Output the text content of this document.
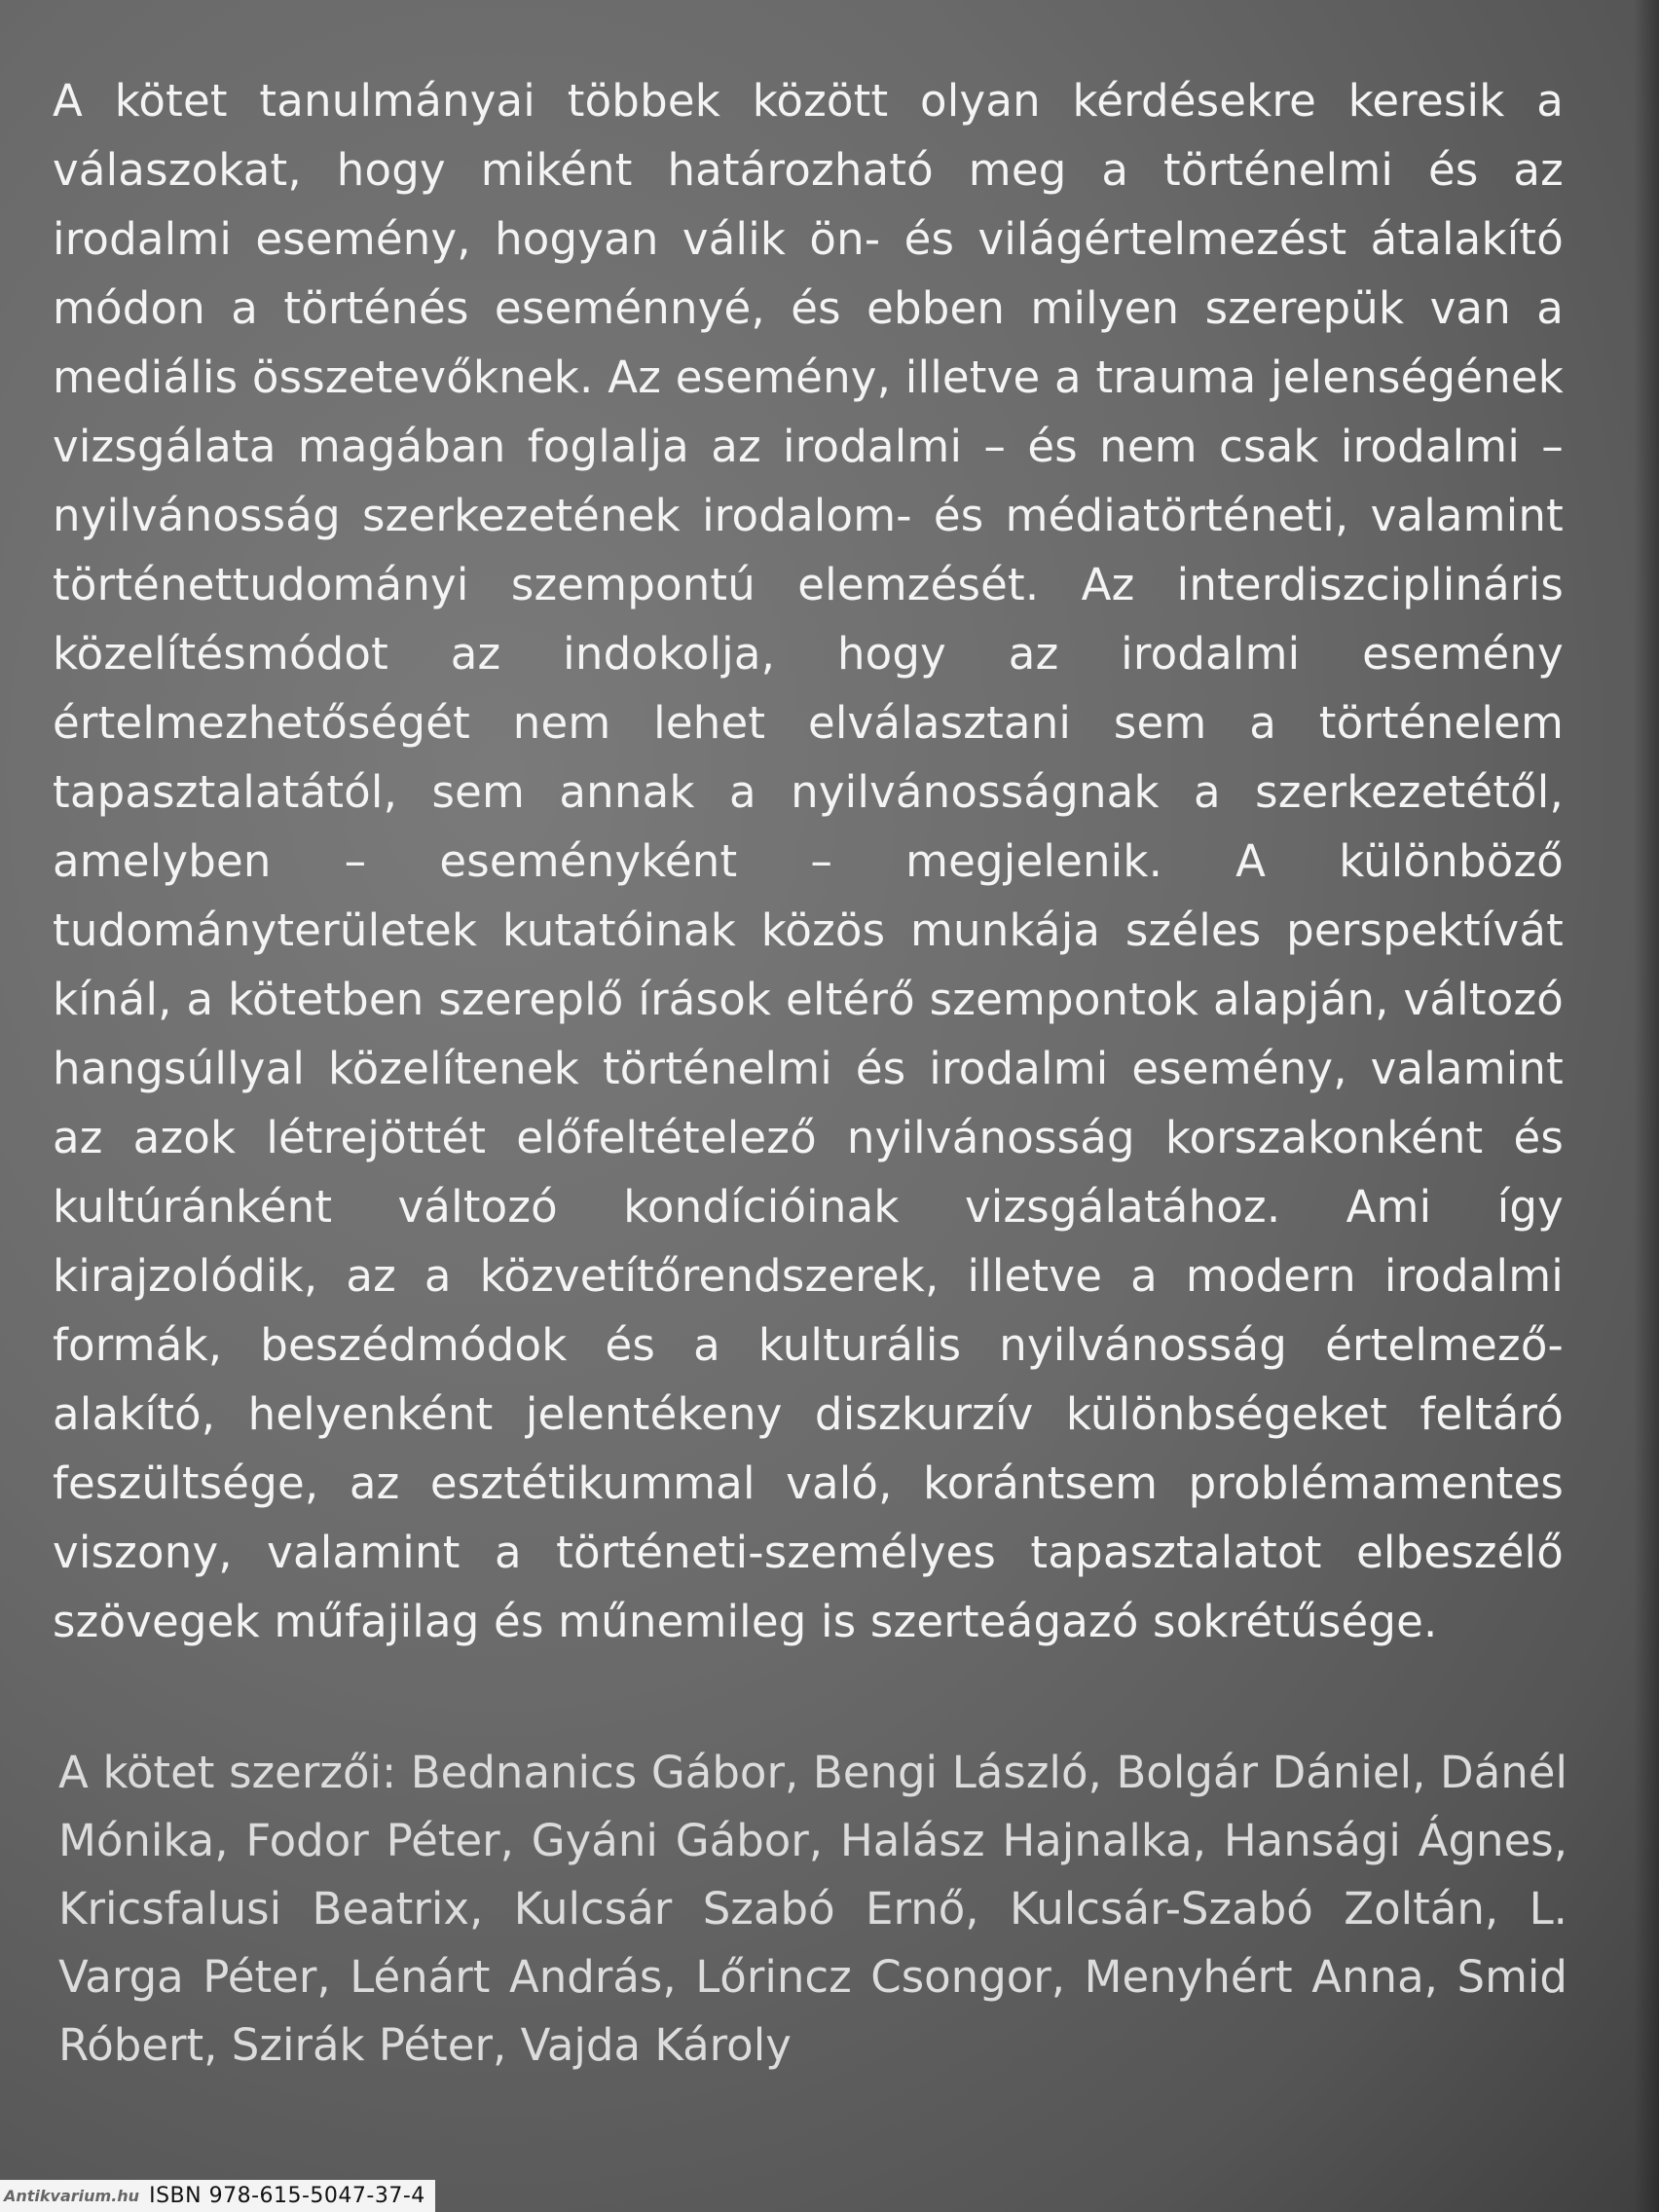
A kötet tanulmányai többek között olyan kérdésekre keresik a válaszokat, hogy miként határozható meg a történelmi és az irodalmi esemény, hogyan válik ön- és világértelmezést átalakító módon a történés eseménnyé, és ebben milyen szerepük van a mediális összetevőknek. Az esemény, illetve a trauma jelenségének vizsgálata magában foglalja az irodalmi – és nem csak irodalmi – nyilvánosság szerkezetének irodalom- és médiatörténeti, valamint történettudományi szempontú elemzését. Az interdiszciplináris közelítésmódot az indokolja, hogy az irodalmi esemény értelmezhetőségét nem lehet elválasztani sem a történelem tapasztalatától, sem annak a nyilvánosságnak a szerkezetétől, amelyben – eseményként – megjelenik. A különböző tudományterületek kutatóinak közös munkája széles perspektívát kínál, a kötetben szereplő írások eltérő szempontok alapján, változó hangsúllyal közelítenek történelmi és irodalmi esemény, valamint az azok létrejöttét előfeltételező nyilvánosság korszakonként és kultúránként változó kondícióinak vizsgálatához. Ami így kirajzolódik, az a közvetítőrendszerek, illetve a modern irodalmi formák, beszédmódok és a kulturális nyilvánosság értelmező-alakító, helyenként jelentékeny diszkurzív különbségeket feltáró feszültsége, az esztétikummal való, korántsem problémamentes viszony, valamint a történeti-személyes tapasztalatot elbeszélő szövegek műfajilag és műnemileg is szerteágazó sokrétűsége.

A kötet szerzői: Bednanics Gábor, Bengi László, Bolgár Dániel, Dánél Mónika, Fodor Péter, Gyáni Gábor, Halász Hajnalka, Hansági Ágnes, Kricsfalusi Beatrix, Kulcsár Szabó Ernő, Kulcsár-Szabó Zoltán, L. Varga Péter, Lénárt András, Lőrincz Csongor, Menyhért Anna, Smid Róbert, Szirák Péter, Vajda Károly

Antikvarium.hu ISBN 978-615-5047-37-4
